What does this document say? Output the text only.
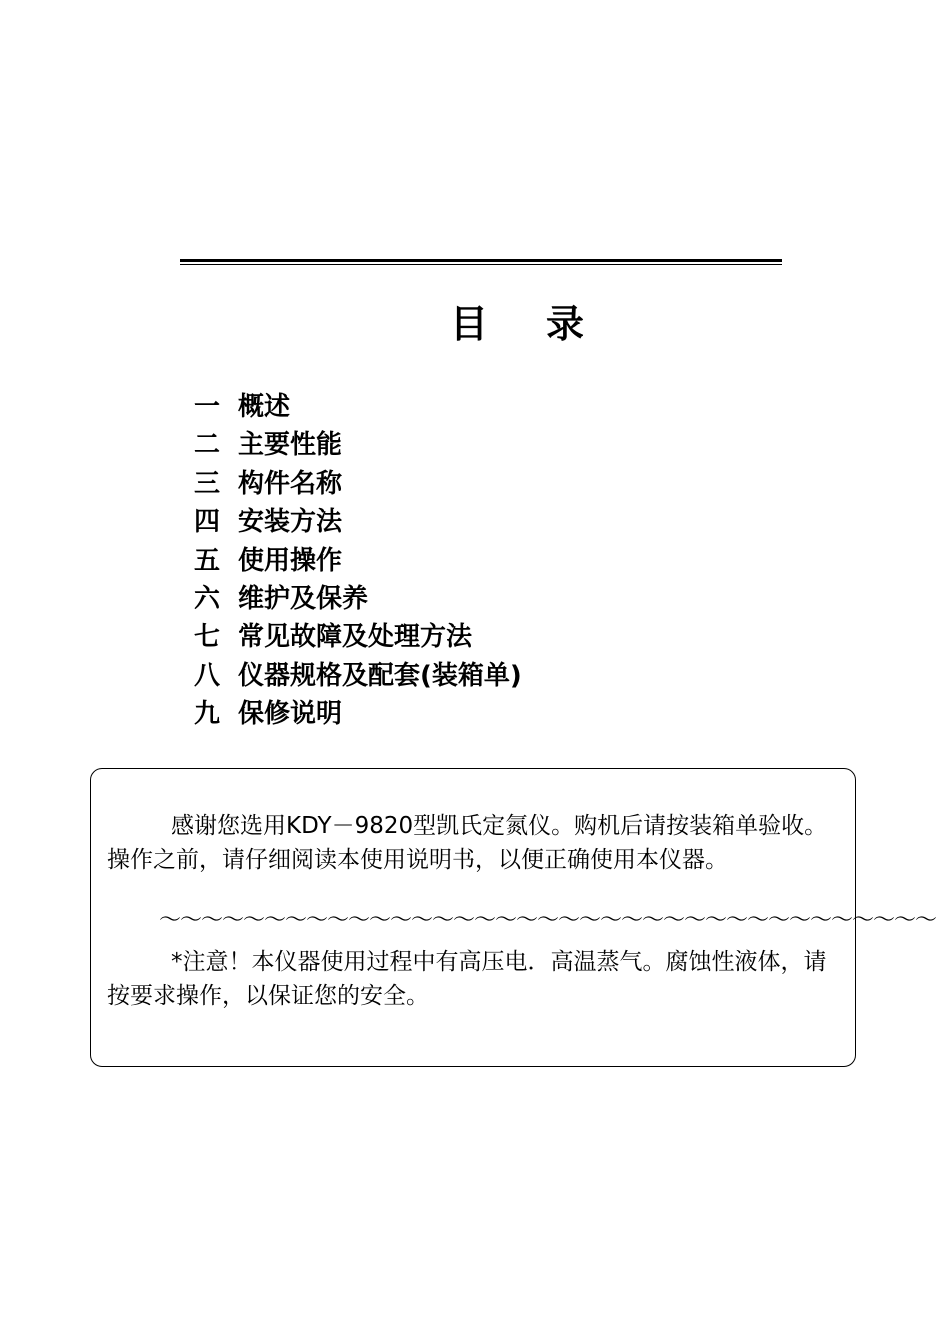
目录
一 概述
二 主要性能
三 构件名称
四 安装方法
五 使用操作
六 维护及保养
七 常见故障及处理方法
八 仪器规格及配套(装箱单)
九 保修说明

感谢您选用KDY－9820型凯氏定氮仪。购机后请按装箱单验收。操作之前，请仔细阅读本使用说明书，以便正确使用本仪器。

～～～～～～～～～～～～～～～～～～～～～～～～～～～～～～～～～～～～～

*注意！本仪器使用过程中有高压电．高温蒸气。腐蚀性液体，请按要求操作，以保证您的安全。
